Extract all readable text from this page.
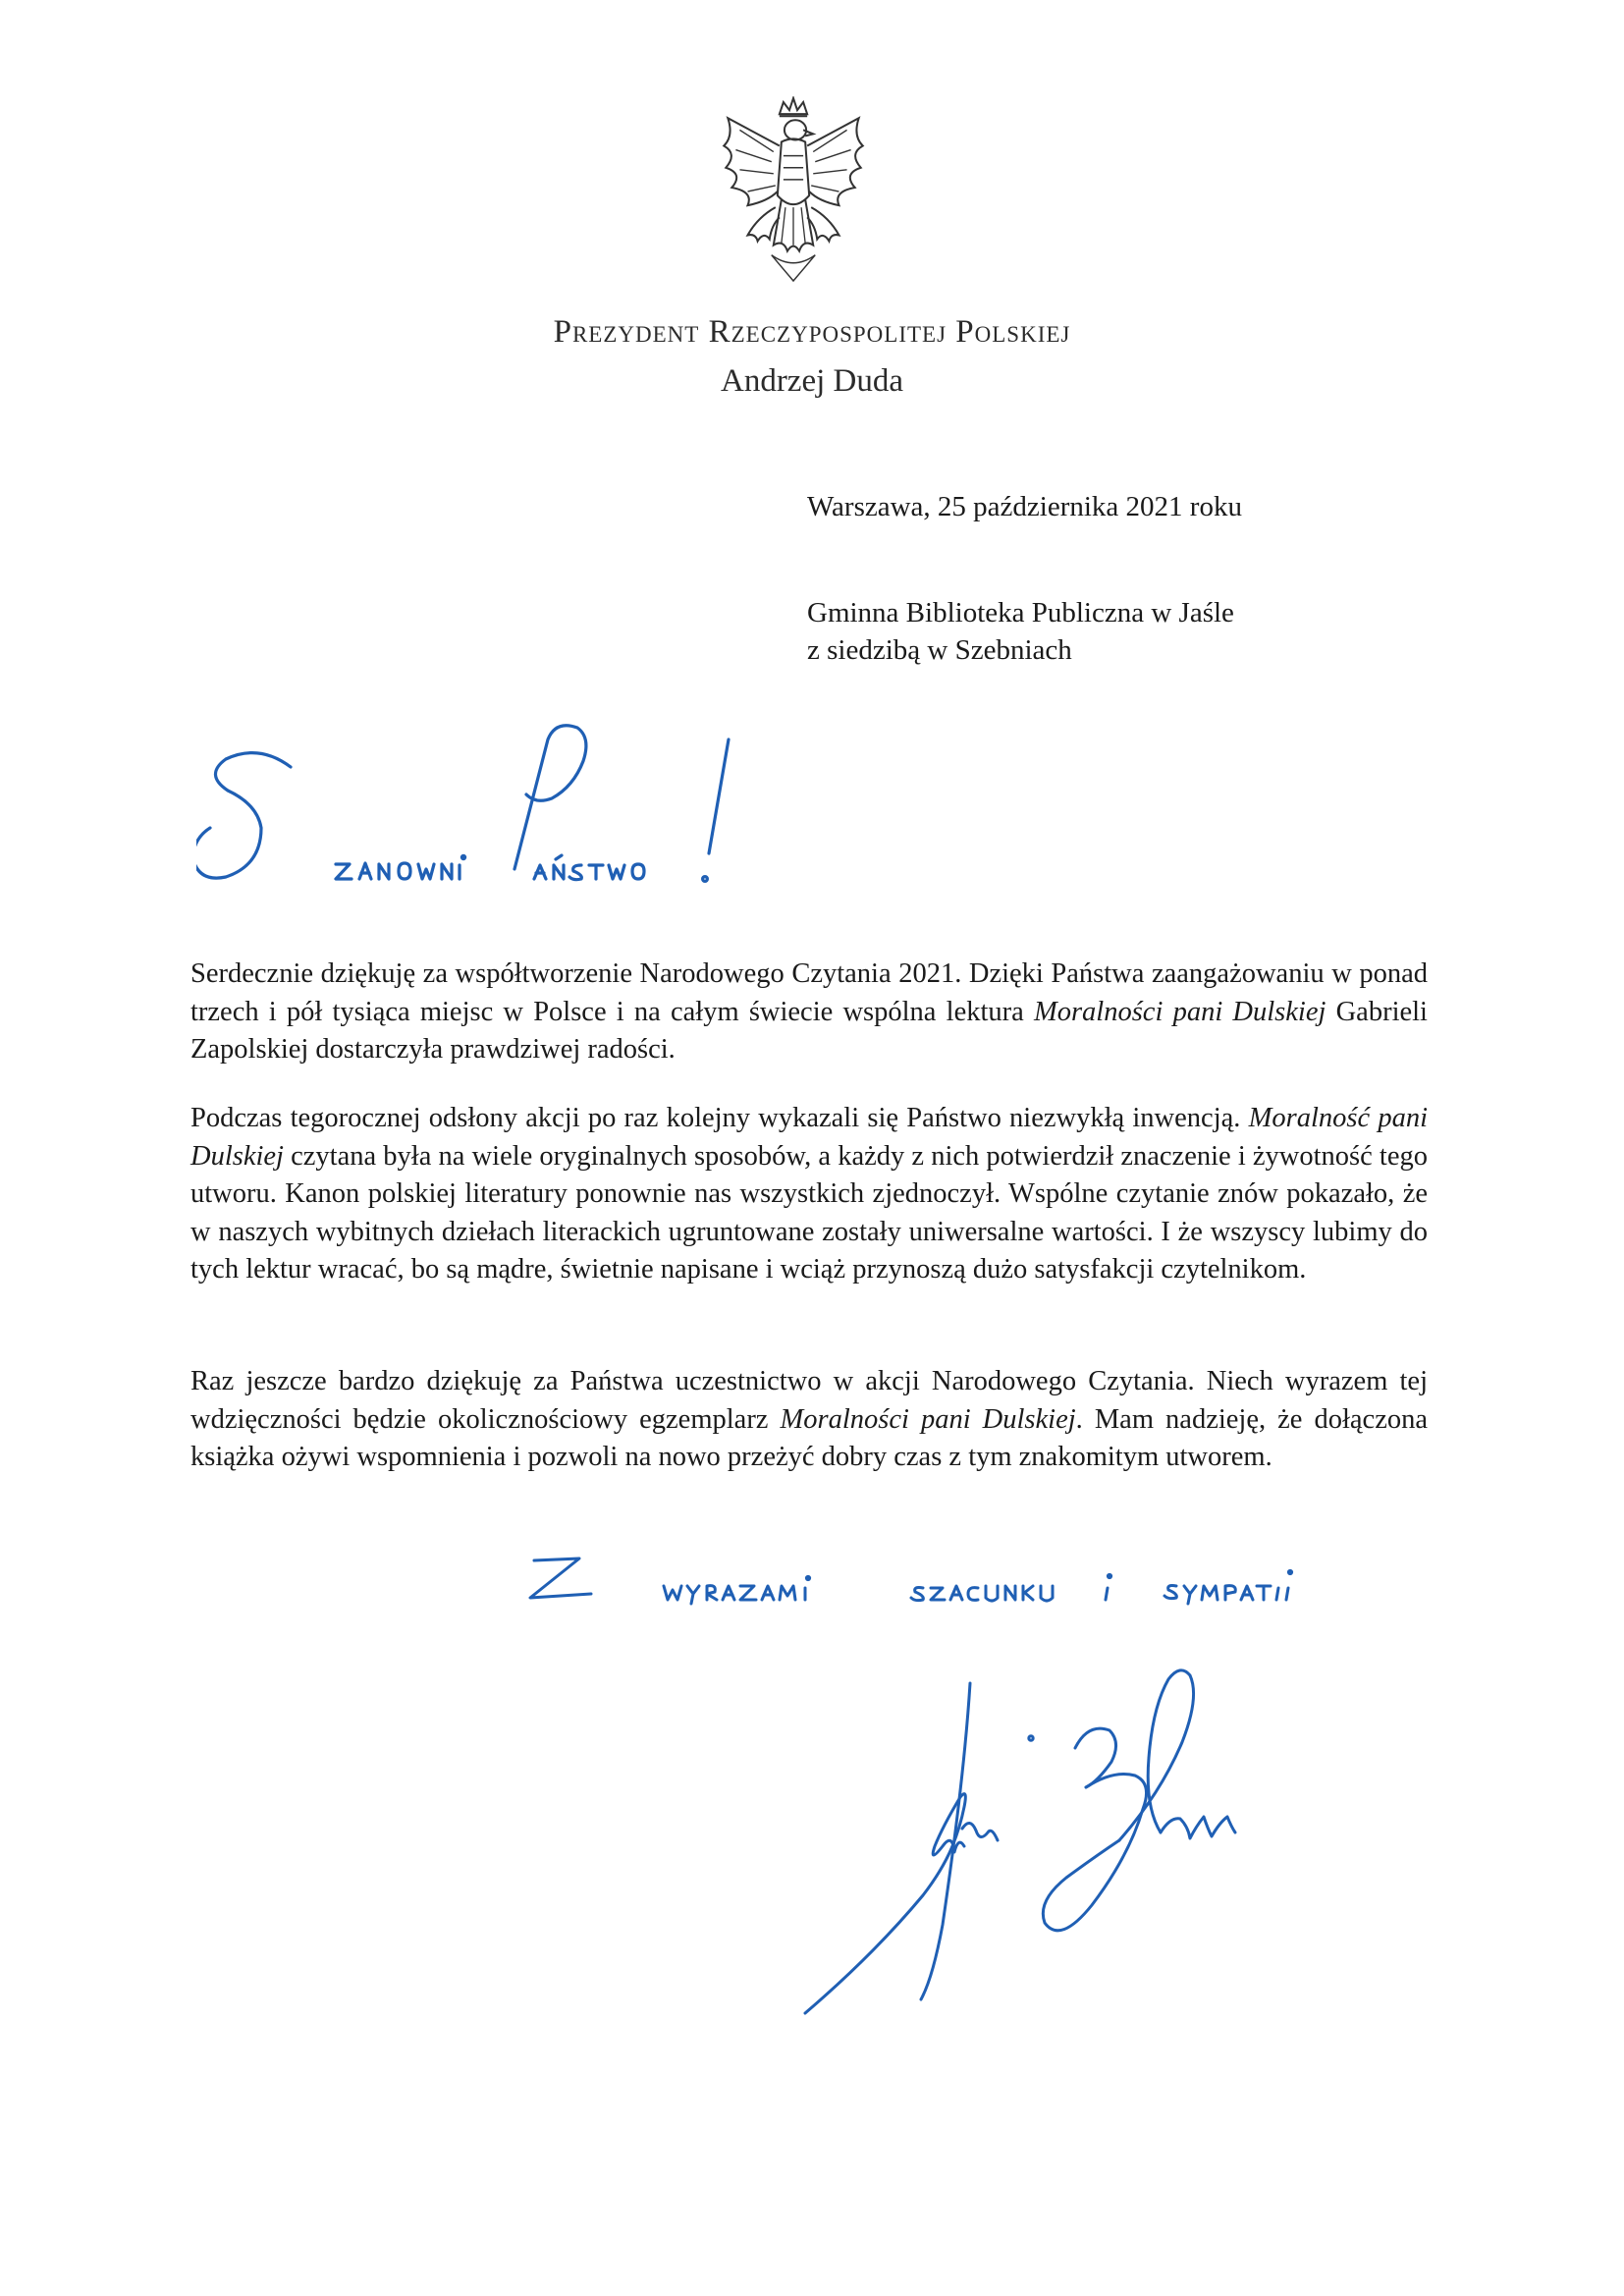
Prezydent Rzeczypospolitej Polskiej
Andrzej Duda
Warszawa, 25 października 2021 roku
Gminna Biblioteka Publiczna w Jaśle
z siedzibą w Szebniach

Serdecznie dziękuję za współtworzenie Narodowego Czytania 2021. Dzięki Państwa zaangażowaniu w ponad trzech i pół tysiąca miejsc w Polsce i na całym świecie wspólna lektura Moralności pani Dulskiej Gabrieli Zapolskiej dostarczyła prawdziwej radości.

Podczas tegorocznej odsłony akcji po raz kolejny wykazali się Państwo niezwykłą inwencją. Moralność pani Dulskiej czytana była na wiele oryginalnych sposobów, a każdy z nich potwierdził znaczenie i żywotność tego utworu. Kanon polskiej literatury ponownie nas wszystkich zjednoczył. Wspólne czytanie znów pokazało, że w naszych wybitnych dziełach literackich ugruntowane zostały uniwersalne wartości. I że wszyscy lubimy do tych lektur wracać, bo są mądre, świetnie napisane i wciąż przynoszą dużo satysfakcji czytelnikom.

Raz jeszcze bardzo dziękuję za Państwa uczestnictwo w akcji Narodowego Czytania. Niech wyrazem tej wdzięczności będzie okolicznościowy egzemplarz Moralności pani Dulskiej. Mam nadzieję, że dołączona książka ożywi wspomnienia i pozwoli na nowo przeżyć dobry czas z tym znakomitym utworem.
